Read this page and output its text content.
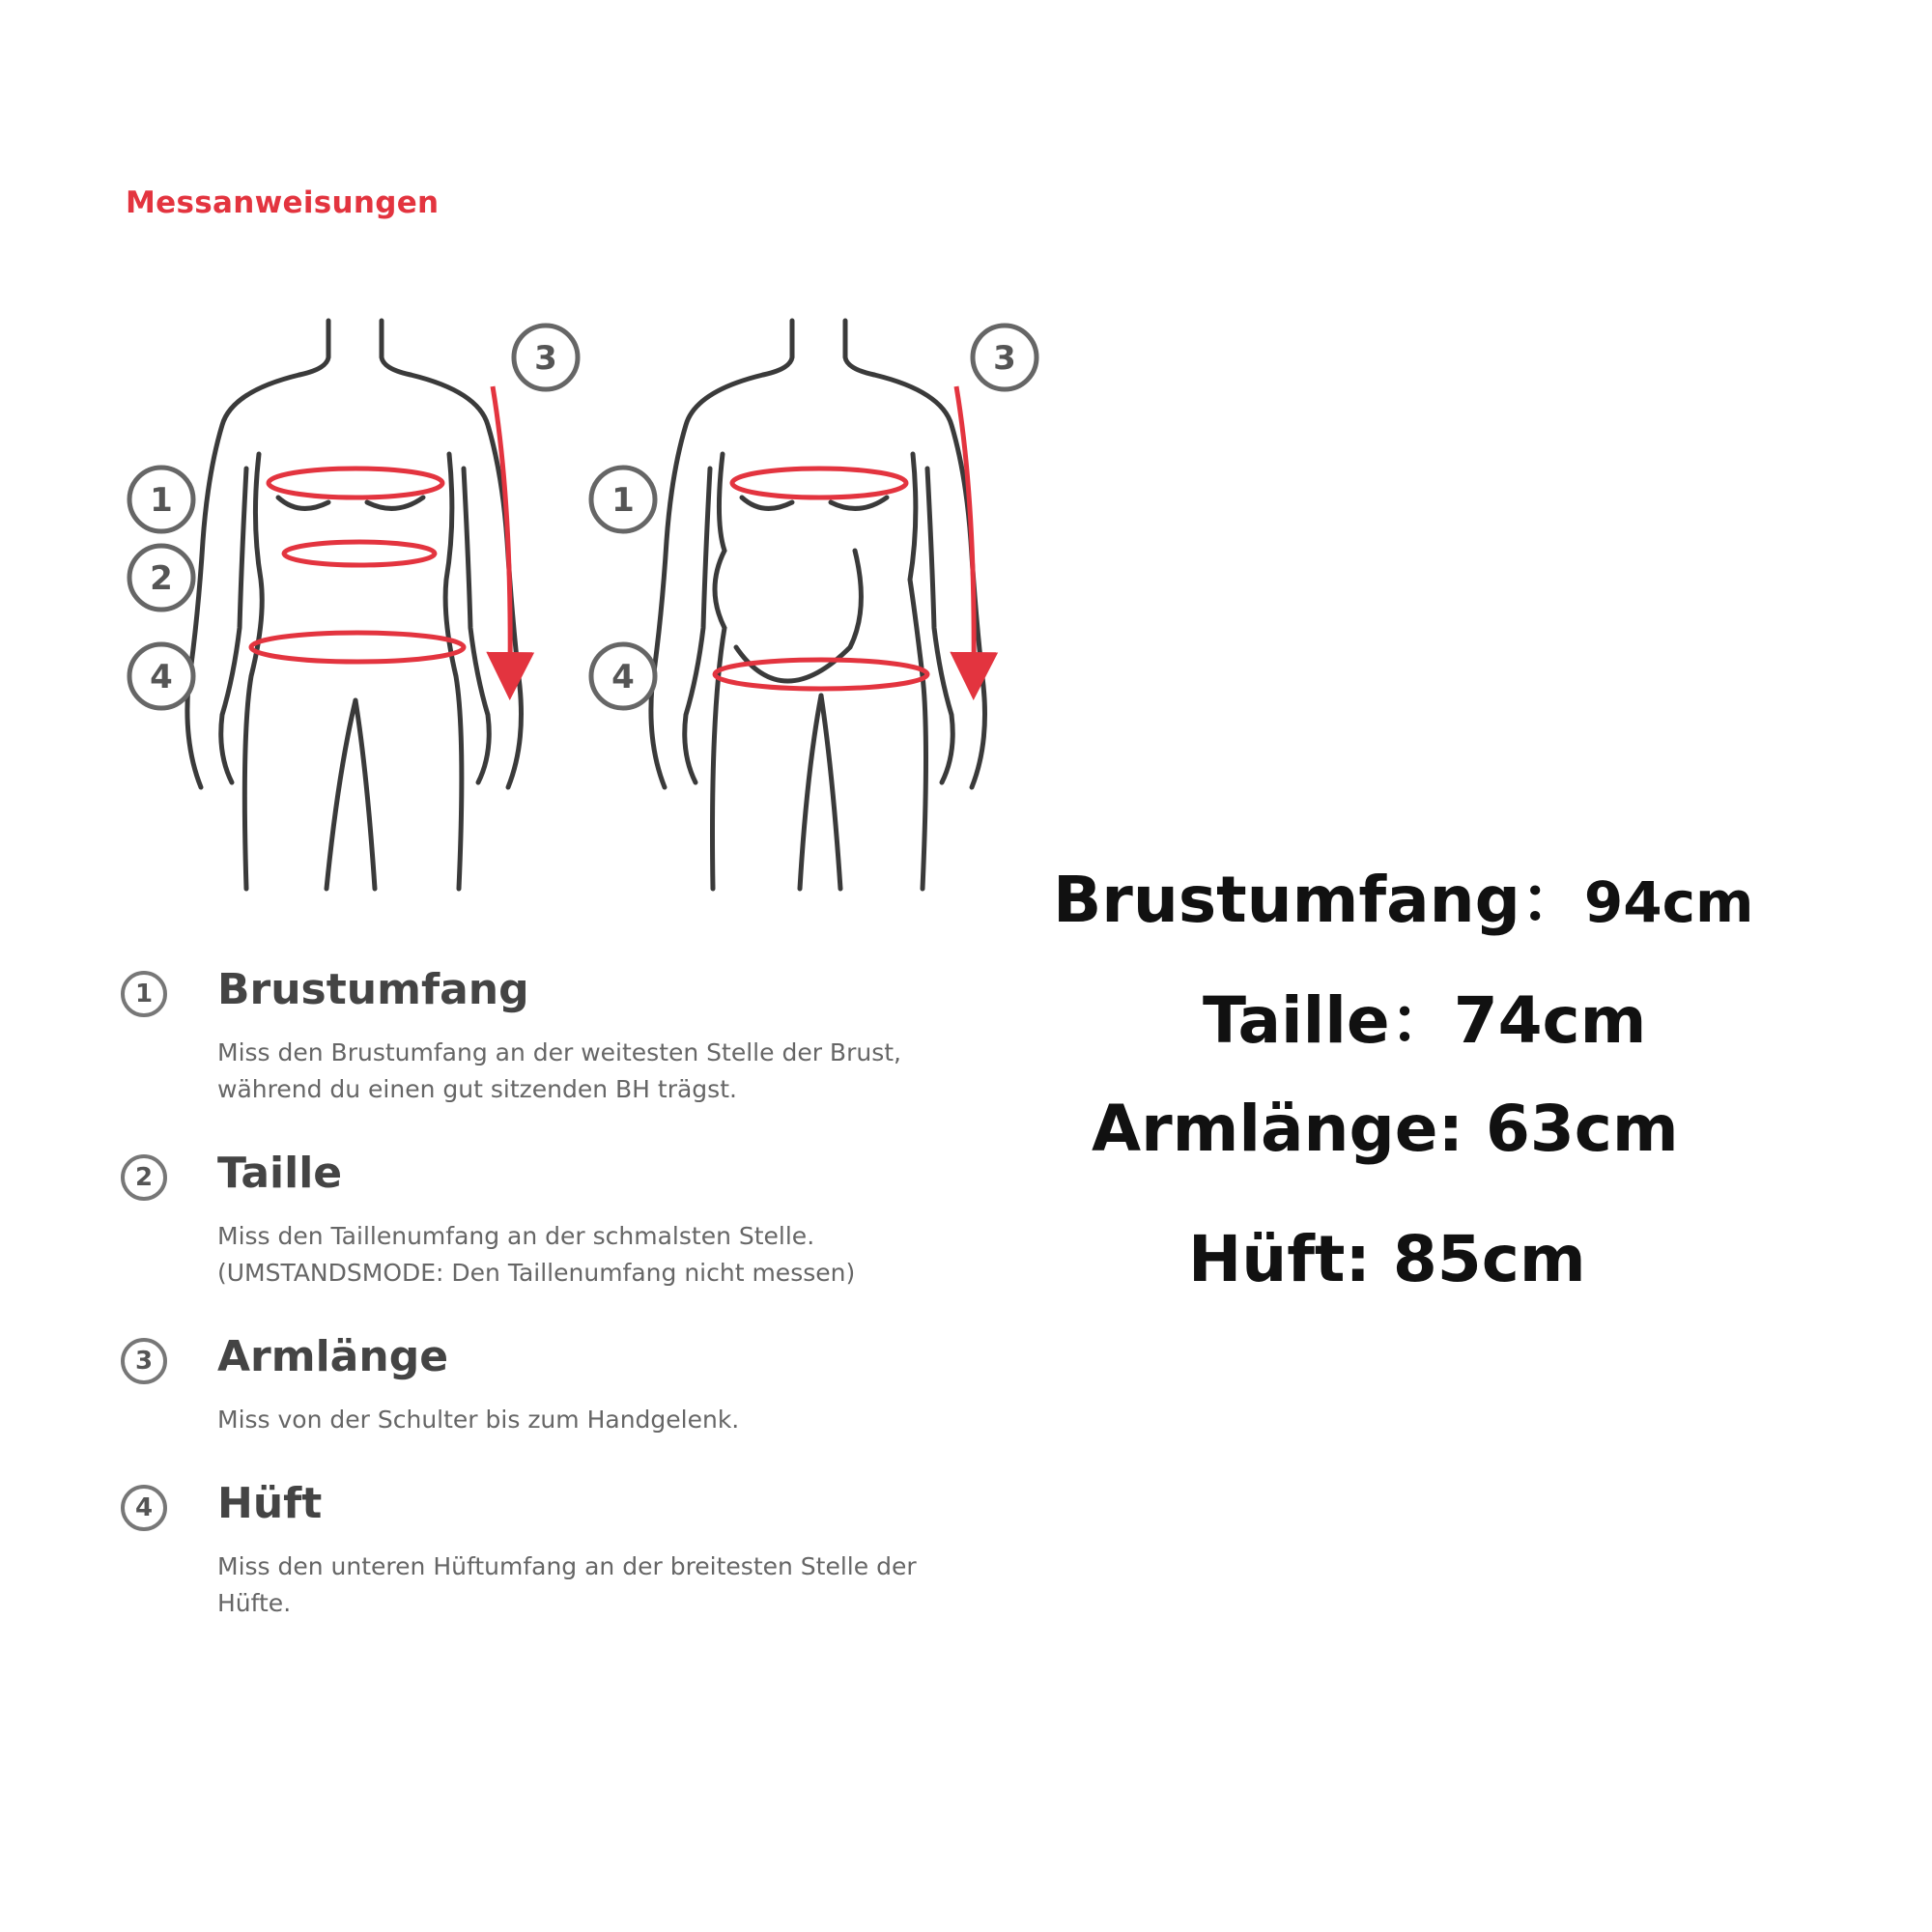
Messanweisungen
1
2
4
3
1
4
3
1	Brustumfang
Miss den Brustumfang an der weitesten Stelle der Brust,
während du einen gut sitzenden BH trägst.
2	Taille
Miss den Taillenumfang an der schmalsten Stelle.
(UMSTANDSMODE: Den Taillenumfang nicht messen)
3	Armlänge
Miss von der Schulter bis zum Handgelenk.
4	Hüft
Miss den unteren Hüftumfang an der breitesten Stelle der
Hüfte.
Brustumfang：94cm
Taille：74cm
Armlänge: 63cm
Hüft: 85cm
